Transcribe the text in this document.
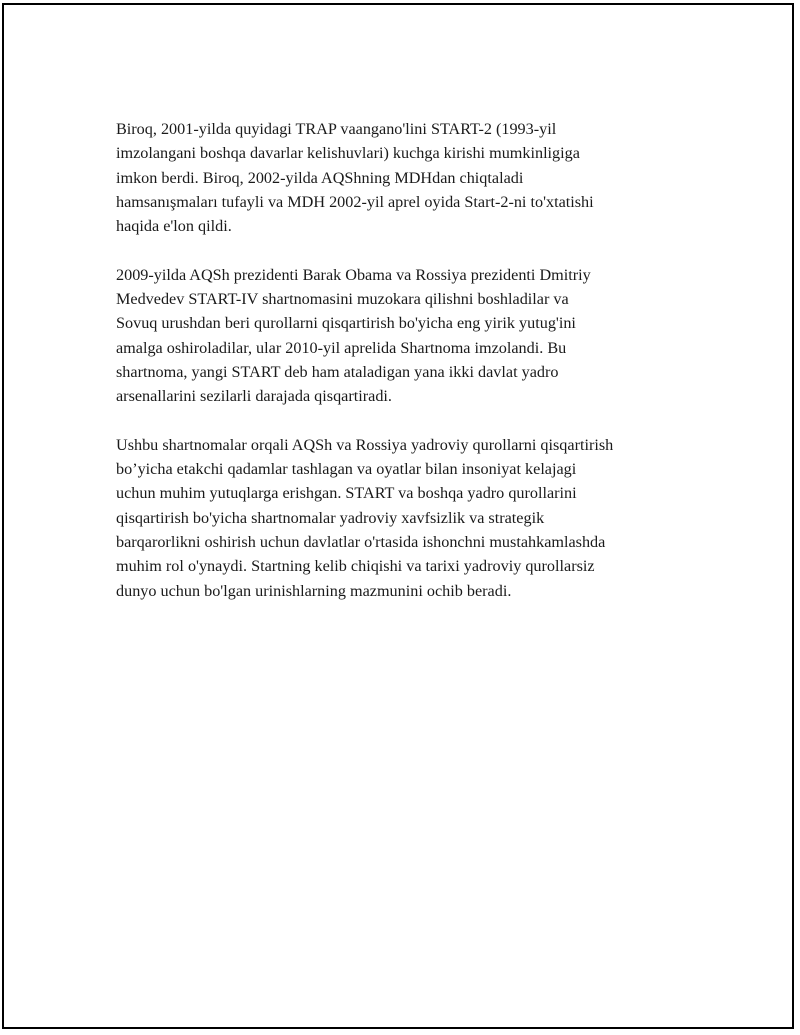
Biroq, 2001-yilda quyidagi TRAP vaangano'lini START-2 (1993-yil
imzolangani boshqa davarlar kelishuvlari) kuchga kirishi mumkinligiga
imkon berdi. Biroq, 2002-yilda AQShning MDHdan chiqtaladi
hamsanışmaları tufayli va MDH 2002-yil aprel oyida Start-2-ni to'xtatishi
haqida e'lon qildi.

2009-yilda AQSh prezidenti Barak Obama va Rossiya prezidenti Dmitriy
Medvedev START-IV shartnomasini muzokara qilishni boshladilar va
Sovuq urushdan beri qurollarni qisqartirish bo'yicha eng yirik yutug'ini
amalga oshiroladilar, ular 2010-yil aprelida Shartnoma imzolandi. Bu
shartnoma, yangi START deb ham ataladigan yana ikki davlat yadro
arsenallarini sezilarli darajada qisqartiradi.

Ushbu shartnomalar orqali AQSh va Rossiya yadroviy qurollarni qisqartirish
bo’yicha etakchi qadamlar tashlagan va oyatlar bilan insoniyat kelajagi
uchun muhim yutuqlarga erishgan. START va boshqa yadro qurollarini
qisqartirish bo'yicha shartnomalar yadroviy xavfsizlik va strategik
barqarorlikni oshirish uchun davlatlar o'rtasida ishonchni mustahkamlashda
muhim rol o'ynaydi. Startning kelib chiqishi va tarixi yadroviy qurollarsiz
dunyo uchun bo'lgan urinishlarning mazmunini ochib beradi.
